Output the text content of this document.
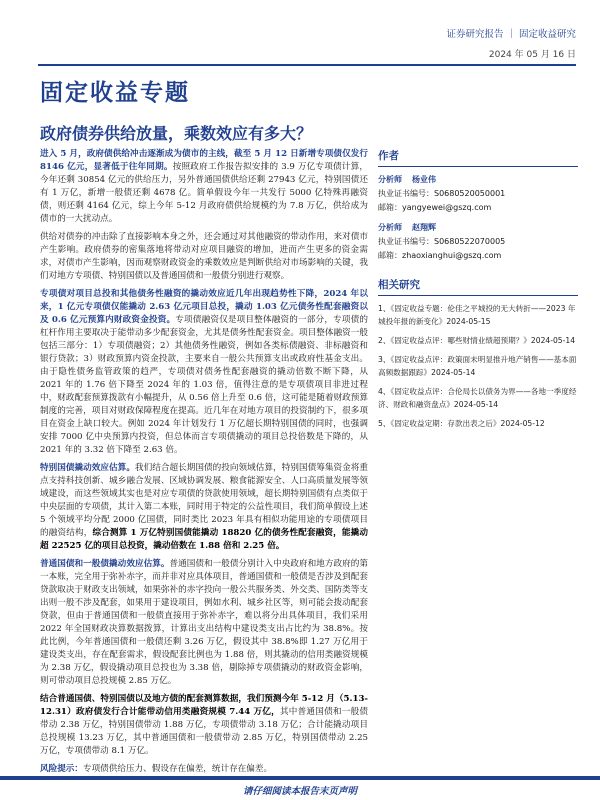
证券研究报告 ｜ 固定收益研究
2024 年 05 月 16 日
固定收益专题
政府债券供给放量，乘数效应有多大？

进入 5 月，政府债供给冲击逐渐成为债市的主线，截至 5 月 12 日新增专项债仅发行 8146 亿元，显著低于往年同期。按照政府工作报告拟安排的 3.9 万亿专项债计算，今年还剩 30854 亿元的供给压力，另外普通国债供给还剩 27943 亿元，特别国债还有 1 万亿，新增一般债还剩 4678 亿。简单假设今年一共发行 5000 亿特殊再融资债，则还剩 4164 亿元，综上今年 5-12 月政府债供给规模约为 7.8 万亿，供给成为债市的一大扰动点。

供给对债券的冲击除了直接影响本身之外，还会通过对其他融资的带动作用，来对债市产生影响。政府债券的密集落地将带动对应项目融资的增加，进而产生更多的资金需求，对债市产生影响，因而观察财政资金的乘数效应是判断供给对市场影响的关键，我们对地方专项债、特别国债以及普通国债和一般债分别进行观察。

专项债对项目总投和其他债务性融资的撬动效应近几年出现趋势性下降，2024 年以来，1 亿元专项债仅能撬动 2.63 亿元项目总投，撬动 1.03 亿元债务性配套融资以及 0.6 亿元预算内财政资金投资。专项债融资仅是项目整体融资的一部分，专项债的杠杆作用主要取决于能带动多少配套资金，尤其是债务性配套资金。项目整体融资一般包括三部分：1）专项债融资；2）其他债务性融资，例如各类标债融资、非标融资和银行贷款；3）财政预算内资金投款，主要来自一般公共预算支出或政府性基金支出。由于隐性债务监管政策的趋严，专项债对债务性配套融资的撬动倍数不断下降，从 2021 年的 1.76 倍下降至 2024 年的 1.03 倍，值得注意的是专项债项目非进过程中，财政配套预算拨款有小幅提升，从 0.56 倍上升至 0.6 倍，这可能是随着财政预算制度的完善，项目对财政保障程度在提高。近几年在对地方项目的投资制约下，很多项目在资金上缺口较大。例如 2024 年计划发行 1 万亿超长期特别国债的同时，也强调安排 7000 亿中央预算内投资，但总体而言专项债撬动的项目总投倍数是下降的，从 2021 年的 3.32 倍下降至 2.63 倍。

特别国债撬动效应估算。我们结合超长期国债的投向领域估算，特别国债筹集资金将重点支持科技创新、城乡融合发展、区域协调发展、粮食能源安全、人口高质量发展等领域建设，而这些领域其实也是对应专项债的贷款使用领域，超长期特别国债有点类似于中央层面的专项债，其计入第二本账，同时用于特定的公益性项目，我们简单假设上述 5 个领域平均分配 2000 亿国债，同时类比 2023 年具有相似功能用途的专项债项目的融资结构，综合测算 1 万亿特别国债能撬动 18820 亿的债务性配套融资，能撬动超 22525 亿的项目总投资，撬动倍数在 1.88 倍和 2.25 倍。

普通国债和一般债撬动效应估算。普通国债和一般债分别计入中央政府和地方政府的第一本账，完全用于弥补赤字，而并非对应具体项目，普通国债和一般债是否涉及到配套贷款取决于财政支出领域，如果弥补的赤字投向一般公共服务类、外交类、国防类等支出则一般不涉及配套，如果用于建设项目，例如水利、城乡社区等，则可能会拨动配套贷款，但由于普通国债和一般债直接用于弥补赤字，难以将分出具体项目，我们采用 2022 年全国财政决算数据拨算，计算出支出结构中建设类支出占比约为 38.8%。按此比例，今年普通国债和一般债还剩 3.26 万亿，假设其中 38.8%即 1.27 万亿用于建设类支出，存在配套需求，假设配套比例也为 1.88 倍，则其撬动的信用类融资规模为 2.38 万亿，假设撬动项目总投也为 3.38 倍，剔除掉专项债撬动的财政资金影响，则可带动项目总投规模 2.85 万亿。

结合普通国债、特别国债以及地方债的配套测算数据，我们预测今年 5-12 月（5.13-12.31）政府债发行合计能带动信用类融资规模 7.44 万亿，其中普通国债和一般债带动 2.38 万亿，特别国债带动 1.88 万亿，专项债带动 3.18 万亿；合计能撬动项目总投规模 13.23 万亿，其中普通国债和一般债带动 2.85 万亿，特别国债带动 2.25 万亿，专项债带动 8.1 万亿。

风险提示：专项债供给压力、假设存在偏差，统计存在偏差。

作者
分析师 杨业伟
执业证书编号：S0680520050001
邮箱：yangyewei@gszq.com
分析师 赵翔辉
执业证书编号：S0680522070005
邮箱：zhaoxianghui@gszq.com
相关研究
1、《固定收益专题：伦佳之平城投的无大转折——2023 年城投年报的新变化》2024-05-15
2、《固定收益点评：哪些财情业绩超预期？》2024-05-14
3、《固定收益点评：政策面未明显推升地产销售——基本面高频数据跟踪》2024-05-14
4、《固定收益点评：合伦局长以债务为界——各地一季度经济、财政和融资盘点》2024-05-14
5、《固定收益定期：存款出表之后》2024-05-12
请仔细阅读本报告末页声明
